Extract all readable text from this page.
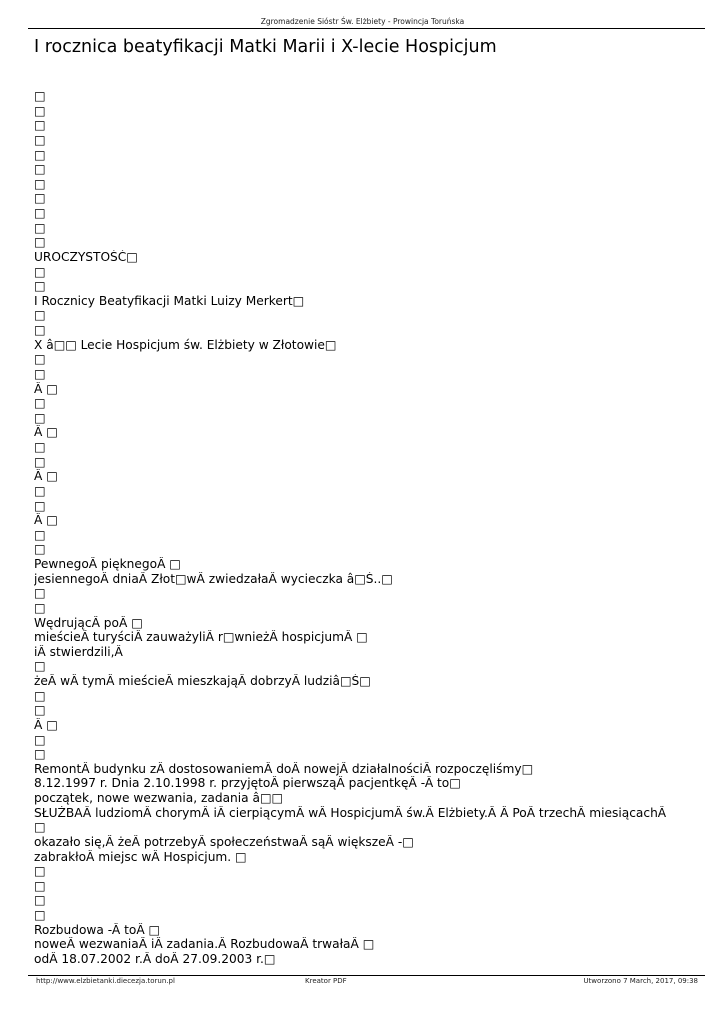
Zgromadzenie Sióstr Św. Elżbiety - Prowincja Toruńska
I rocznica beatyfikacji Matki Marii i X-lecie Hospicjum
□
□
□
□
□
□
□
□
□
□
□
UROCZYSTOŚĆ□
□
□
I Rocznicy Beatyfikacji Matki Luizy Merkert□
□
□
X â□□ Lecie Hospicjum św. Elżbiety w Złotowie□
□
□
Â □
□
□
Â □
□
□
Â □
□
□
Â □
□
□
PewnegoÂ pięknegoÂ □
jesiennegoÂ dniaÂ Złot□wÂ zwiedzałaÂ wycieczka â□Ś..□
□
□
WędrującÂ poÂ □
mieścieÂ turyściÂ zauważyliÂ r□wnieżÂ hospicjumÂ □
iÂ stwierdzili,Â
□
żeÂ wÂ tymÂ mieścieÂ mieszkająÂ dobrzyÂ ludziâ□Ś□
□
□
Â □
□
□
RemontÂ budynku zÂ dostosowaniemÂ doÂ nowejÂ działalnościÂ rozpoczęliśmy□
8.12.1997 r. Dnia 2.10.1998 r. przyjętoÂ pierwsząÂ pacjentkęÂ -Â to□
początek, nowe wezwania, zadania â□□
SŁUŻBAÂ ludziomÂ chorymÂ iÂ cierpiącymÂ wÂ HospicjumÂ św.Â Elżbiety.Â Â PoÂ trzechÂ miesiącachÂ
□
okazało się,Â żeÂ potrzebyÂ społeczeństwaÂ sąÂ większeÂ -□
zabrakłoÂ miejsc wÂ Hospicjum. □
□
□
□
□
Rozbudowa -Â toÂ □
noweÂ wezwaniaÂ iÂ zadania.Â RozbudowaÂ trwałaÂ □
odÂ 18.07.2002 r.Â doÂ 27.09.2003 r.□
http://www.elzbietanki.diecezja.torun.pl	Kreator PDF	Utworzono 7 March, 2017, 09:38
